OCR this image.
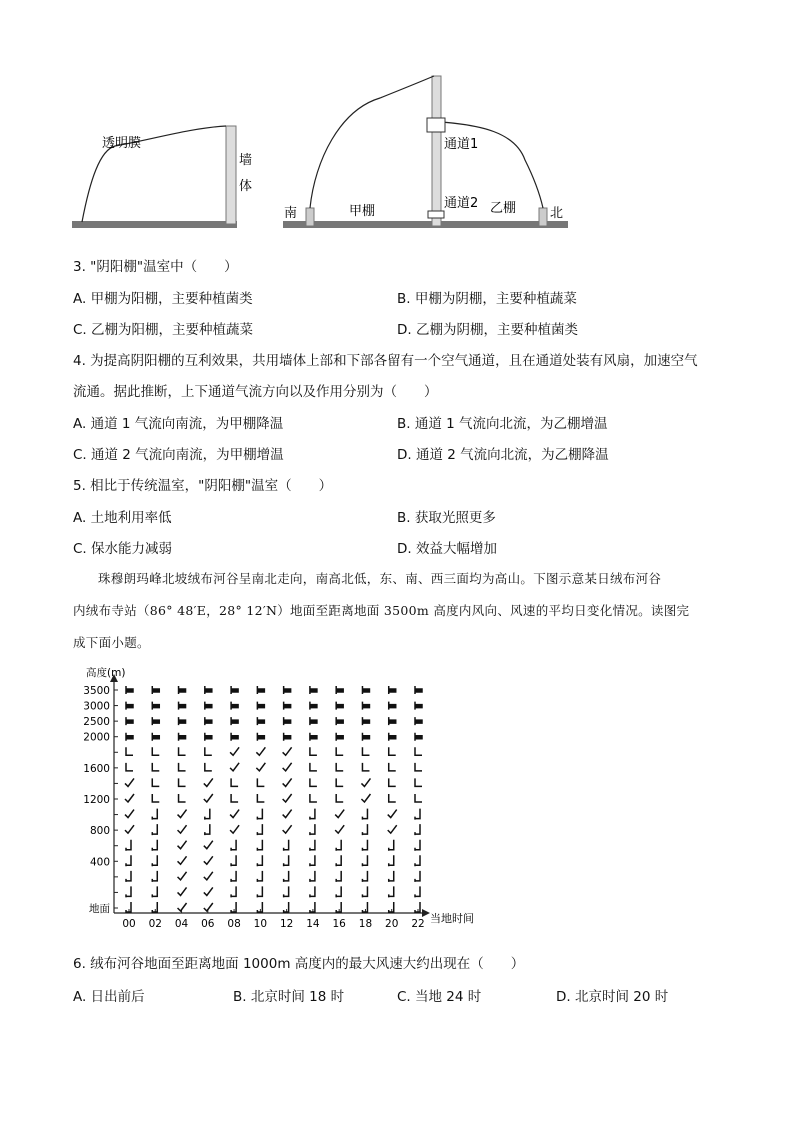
透明膜
墙
体
南	甲棚
通道1
通道2 乙棚	北
3. "阴阳棚"温室中（　　）
A. 甲棚为阳棚，主要种植菌类	B. 甲棚为阴棚，主要种植蔬菜
C. 乙棚为阳棚，主要种植蔬菜	D. 乙棚为阴棚，主要种植菌类
4. 为提高阴阳棚的互利效果，共用墙体上部和下部各留有一个空气通道，且在通道处装有风扇，加速空气
流通。据此推断，上下通道气流方向以及作用分别为（　　）
A. 通道 1 气流向南流，为甲棚降温	B. 通道 1 气流向北流，为乙棚增温
C. 通道 2 气流向南流，为甲棚增温	D. 通道 2 气流向北流，为乙棚降温
5. 相比于传统温室，"阴阳棚"温室（　　）
A. 土地利用率低	B. 获取光照更多
C. 保水能力减弱	D. 效益大幅增加
珠穆朗玛峰北坡绒布河谷呈南北走向，南高北低，东、南、西三面均为高山。下图示意某日绒布河谷
内绒布寺站（86° 48′E，28° 12′N）地面至距离地面 3500m 高度内风向、风速的平均日变化情况。读图完
成下面小题。
高度(m)
当地时间
3500
3000
2500
2000
1600
1200
800
400
地面
00 02 04 06 08 10 12 14 16 18 20 22
6. 绒布河谷地面至距离地面 1000m 高度内的最大风速大约出现在（　　）
A. 日出前后	B. 北京时间 18 时	C. 当地 24 时	D. 北京时间 20 时
